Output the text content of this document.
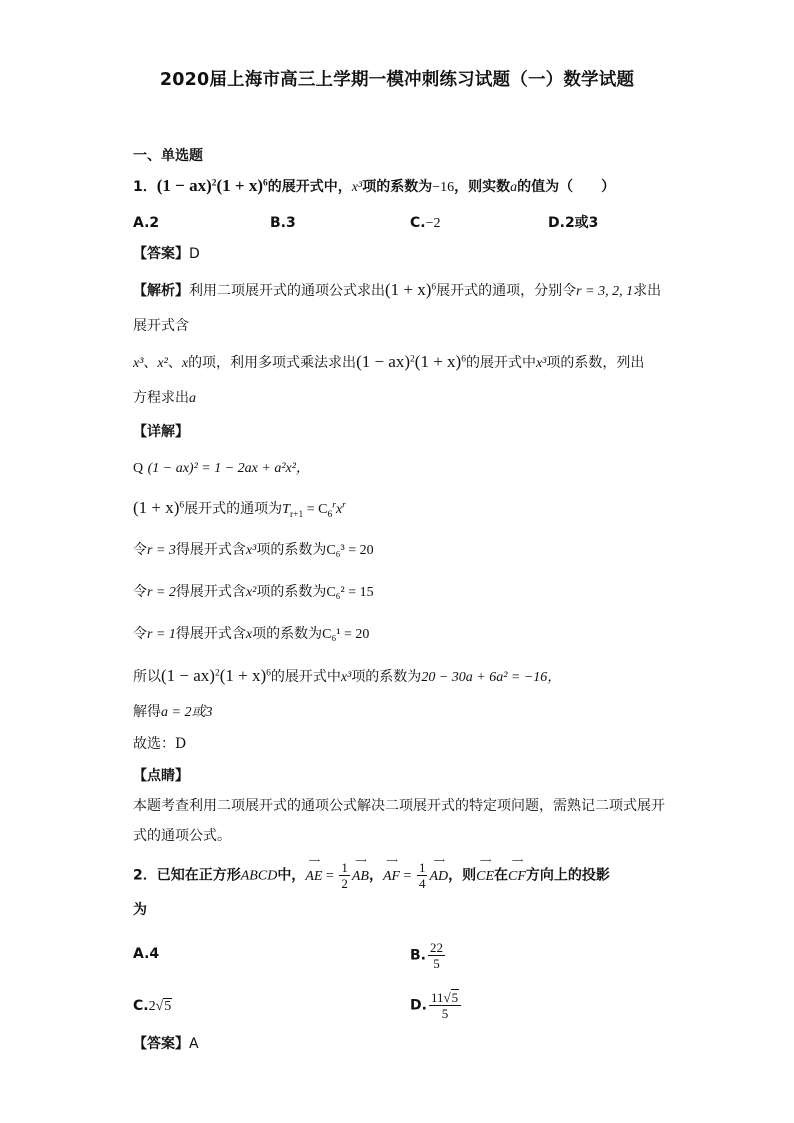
2020届上海市高三上学期一模冲刺练习试题（一）数学试题
一、单选题
1．$(1 - ax)^2(1 + x)^6$的展开式中，x³项的系数为−16，则实数a的值为（　　）
A.2	B.3	C.−2	D.2或3
【答案】D
【解析】利用二项展开式的通项公式求出$(1 + x)^6$展开式的通项，分别令r = 3, 2, 1求出
展开式含
x³、x²、x的项，利用多项式乘法求出$(1 - ax)^2(1 + x)^6$的展开式中x³项的系数，列出
方程求出a
【详解】
Q (1 − ax)² = 1 − 2ax + a²x²，
$(1 + x)^6$展开式的通项为$T_{r+1} = C_6^rx^r$
令r = 3得展开式含x³项的系数为C₆³ = 20
令r = 2得展开式含x²项的系数为C₆² = 15
令r = 1得展开式含x项的系数为C₆¹ = 20
所以$(1 - ax)^2(1 + x)^6$的展开式中x³项的系数为20 − 30a + 6a² = −16，
解得a = 2或3
故选：D
【点睛】
本题考查利用二项展开式的通项公式解决二项展开式的特定项问题，需熟记二项式展开
式的通项公式。
2．已知在正方形ABCD中，
⟶
AE = $\frac{1}{2}$ ⟶
AB，
⟶
AF = $\frac{1}{4}$ ⟶
AD，则
⟶
CE在
⟶
CF方向上的投影
为
A.4	B. $\frac{22}{5}$
C.2√5	D. $\frac{11√5}{5}$
【答案】A
